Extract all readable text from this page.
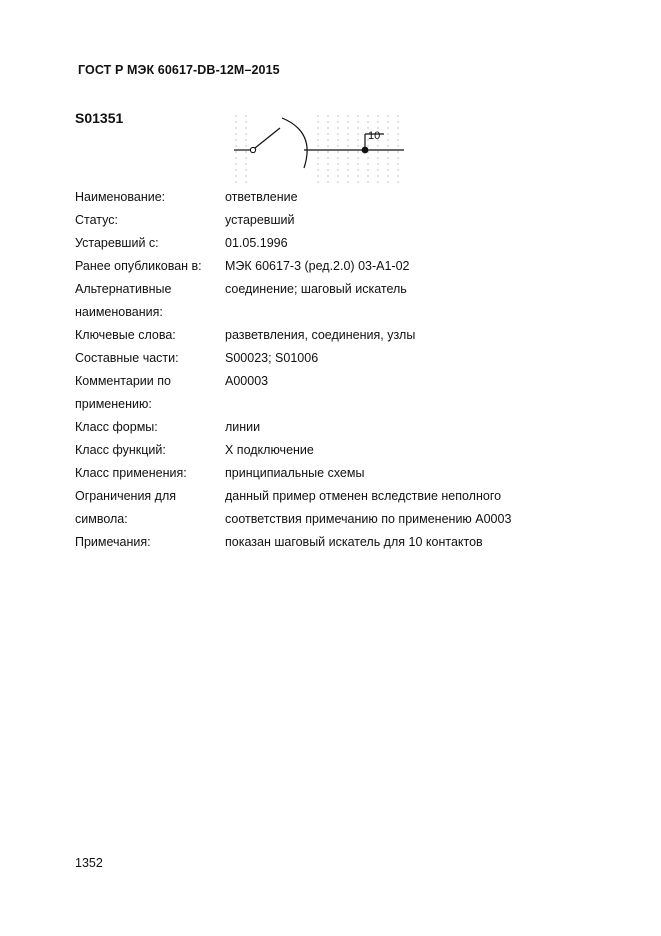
ГОСТ Р МЭК 60617-DB-12M–2015
S01351
10
Наименование:	ответвление
Статус:	устаревший
Устаревший с:	01.05.1996
Ранее опубликован в:	МЭК 60617-3 (ред.2.0) 03-А1-02
Альтернативные
наименования:
соединение; шаговый искатель
Ключевые слова:	разветвления, соединения, узлы
Составные части:	S00023; S01006
Комментарии по
применению:
A00003
Класс формы:	линии
Класс функций:	X подключение
Класс применения:	принципиальные схемы
Ограничения для
символа:
данный пример отменен вследствие неполного
соответствия примечанию по применению A0003
Примечания:	показан шаговый искатель для 10 контактов
1352
